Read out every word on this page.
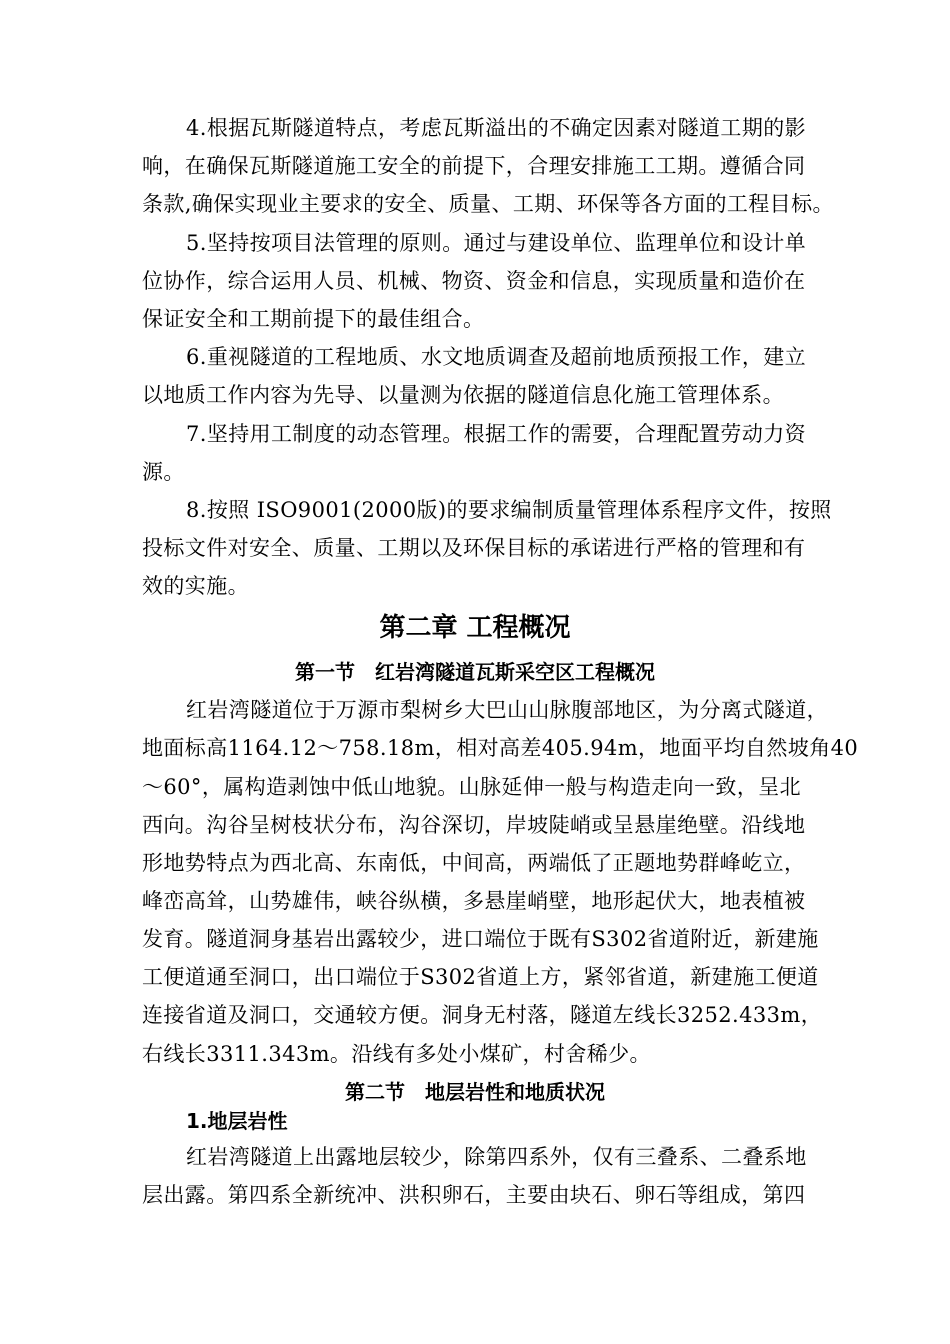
4.根据瓦斯隧道特点，考虑瓦斯溢出的不确定因素对隧道工期的影
响，在确保瓦斯隧道施工安全的前提下，合理安排施工工期。遵循合同
条款,确保实现业主要求的安全、质量、工期、环保等各方面的工程目标。
5.坚持按项目法管理的原则。通过与建设单位、监理单位和设计单
位协作，综合运用人员、机械、物资、资金和信息，实现质量和造价在
保证安全和工期前提下的最佳组合。
6.重视隧道的工程地质、水文地质调查及超前地质预报工作，建立
以地质工作内容为先导、以量测为依据的隧道信息化施工管理体系。
7.坚持用工制度的动态管理。根据工作的需要，合理配置劳动力资
源。
8.按照 ISO9001(2000版)的要求编制质量管理体系程序文件，按照
投标文件对安全、质量、工期以及环保目标的承诺进行严格的管理和有
效的实施。
第二章 工程概况
第一节　红岩湾隧道瓦斯采空区工程概况
红岩湾隧道位于万源市梨树乡大巴山山脉腹部地区，为分离式隧道，
地面标高1164.12～758.18m，相对高差405.94m，地面平均自然坡角40
～60°，属构造剥蚀中低山地貌。山脉延伸一般与构造走向一致，呈北
西向。沟谷呈树枝状分布，沟谷深切，岸坡陡峭或呈悬崖绝壁。沿线地
形地势特点为西北高、东南低，中间高，两端低了正题地势群峰屹立，
峰峦高耸，山势雄伟，峡谷纵横，多悬崖峭壁，地形起伏大，地表植被
发育。隧道洞身基岩出露较少，进口端位于既有S302省道附近，新建施
工便道通至洞口，出口端位于S302省道上方，紧邻省道，新建施工便道
连接省道及洞口，交通较方便。洞身无村落，隧道左线长3252.433m，
右线长3311.343m。沿线有多处小煤矿，村舍稀少。
第二节　地层岩性和地质状况
1.地层岩性
红岩湾隧道上出露地层较少，除第四系外，仅有三叠系、二叠系地
层出露。第四系全新统冲、洪积卵石，主要由块石、卵石等组成，第四
